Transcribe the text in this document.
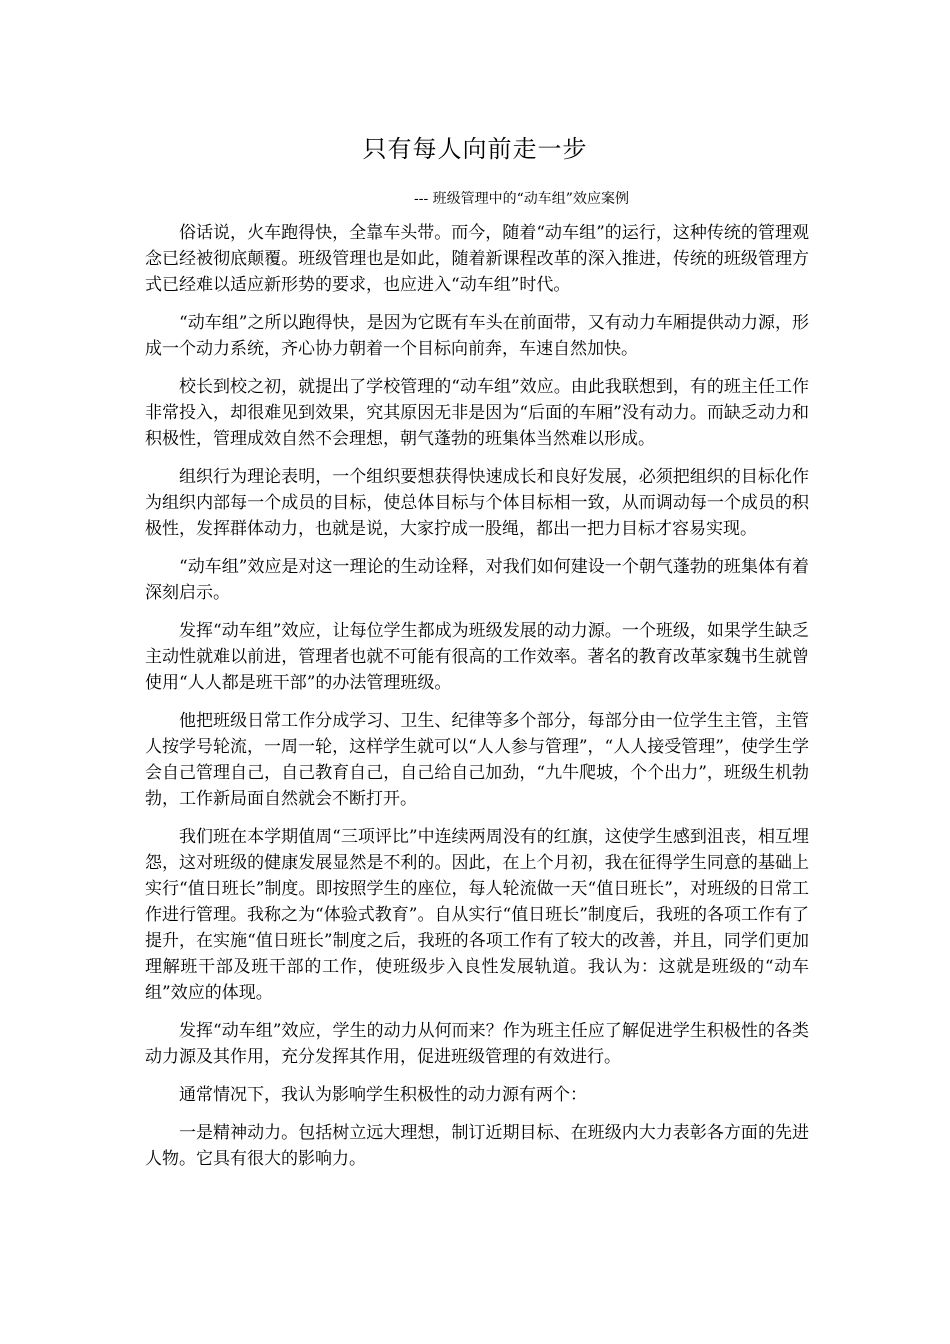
只有每人向前走一步
--- 班级管理中的“动车组”效应案例

俗话说，火车跑得快，全靠车头带。而今，随着“动车组”的运行，这种传统的管理观念已经被彻底颠覆。班级管理也是如此，随着新课程改革的深入推进，传统的班级管理方式已经难以适应新形势的要求，也应进入“动车组”时代。

“动车组”之所以跑得快，是因为它既有车头在前面带，又有动力车厢提供动力源，形成一个动力系统，齐心协力朝着一个目标向前奔，车速自然加快。

校长到校之初，就提出了学校管理的“动车组”效应。由此我联想到，有的班主任工作非常投入，却很难见到效果，究其原因无非是因为“后面的车厢”没有动力。而缺乏动力和积极性，管理成效自然不会理想，朝气蓬勃的班集体当然难以形成。

组织行为理论表明，一个组织要想获得快速成长和良好发展，必须把组织的目标化作为组织内部每一个成员的目标，使总体目标与个体目标相一致，从而调动每一个成员的积极性，发挥群体动力，也就是说，大家拧成一股绳，都出一把力目标才容易实现。

“动车组”效应是对这一理论的生动诠释，对我们如何建设一个朝气蓬勃的班集体有着深刻启示。

发挥“动车组”效应，让每位学生都成为班级发展的动力源。一个班级，如果学生缺乏主动性就难以前进，管理者也就不可能有很高的工作效率。著名的教育改革家魏书生就曾使用“人人都是班干部”的办法管理班级。

他把班级日常工作分成学习、卫生、纪律等多个部分，每部分由一位学生主管，主管人按学号轮流，一周一轮，这样学生就可以“人人参与管理”，“人人接受管理”，使学生学会自己管理自己，自己教育自己，自己给自己加劲，“九牛爬坡，个个出力”，班级生机勃勃，工作新局面自然就会不断打开。

我们班在本学期值周“三项评比”中连续两周没有的红旗，这使学生感到沮丧，相互埋怨，这对班级的健康发展显然是不利的。因此，在上个月初，我在征得学生同意的基础上实行“值日班长”制度。即按照学生的座位，每人轮流做一天“值日班长”，对班级的日常工作进行管理。我称之为“体验式教育”。自从实行“值日班长”制度后，我班的各项工作有了提升，在实施“值日班长”制度之后，我班的各项工作有了较大的改善，并且，同学们更加理解班干部及班干部的工作，使班级步入良性发展轨道。我认为：这就是班级的“动车组”效应的体现。

发挥“动车组”效应，学生的动力从何而来？作为班主任应了解促进学生积极性的各类动力源及其作用，充分发挥其作用，促进班级管理的有效进行。

通常情况下，我认为影响学生积极性的动力源有两个：

一是精神动力。包括树立远大理想，制订近期目标、在班级内大力表彰各方面的先进人物。它具有很大的影响力。
